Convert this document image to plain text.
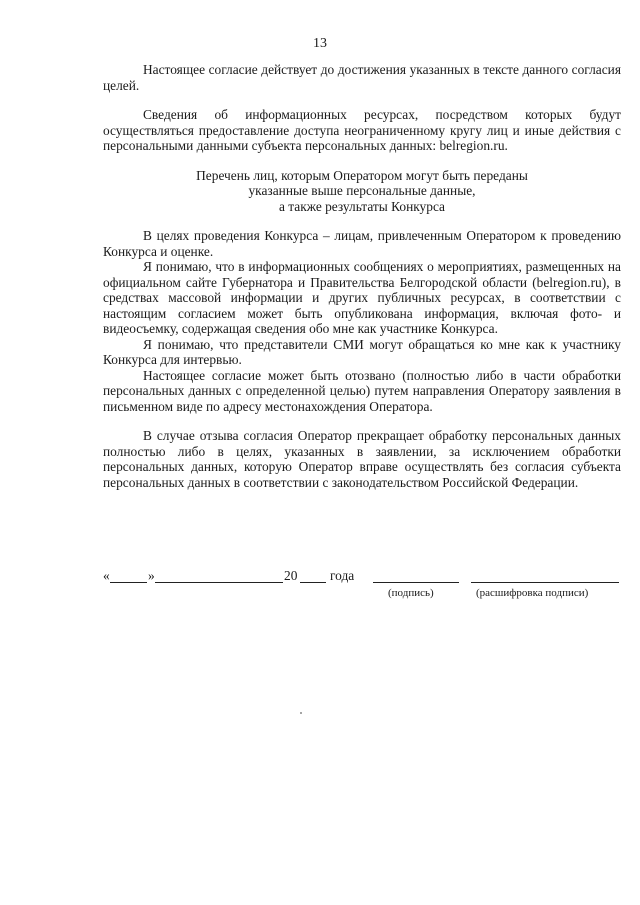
13

Настоящее согласие действует до достижения указанных в тексте данного согласия целей.

Сведения об информационных ресурсах, посредством которых будут осуществляться предоставление доступа неограниченному кругу лиц и иные действия с персональными данными субъекта персональных данных: belregion.ru.

Перечень лиц, которым Оператором могут быть переданы

указанные выше персональные данные,

а также результаты Конкурса

В целях проведения Конкурса – лицам, привлеченным Оператором к проведению Конкурса и оценке.

Я понимаю, что в информационных сообщениях о мероприятиях, размещенных на официальном сайте Губернатора и Правительства Белгородской области (belregion.ru), в средствах массовой информации и других публичных ресурсах, в соответствии с настоящим согласием может быть опубликована информация, включая фото- и видеосъемку, содержащая сведения обо мне как участнике Конкурса.

Я понимаю, что представители СМИ могут обращаться ко мне как к участнику Конкурса для интервью.

Настоящее согласие может быть отозвано (полностью либо в части обработки персональных данных с определенной целью) путем направления Оператору заявления в письменном виде по адресу местонахождения Оператора.

В случае отзыва согласия Оператор прекращает обработку персональных данных полностью либо в целях, указанных в заявлении, за исключением обработки персональных данных, которую Оператор вправе осуществлять без согласия субъекта персональных данных в соответствии с законодательством Российской Федерации.

«	»	20 года
(подпись)	(расшифровка подписи)
